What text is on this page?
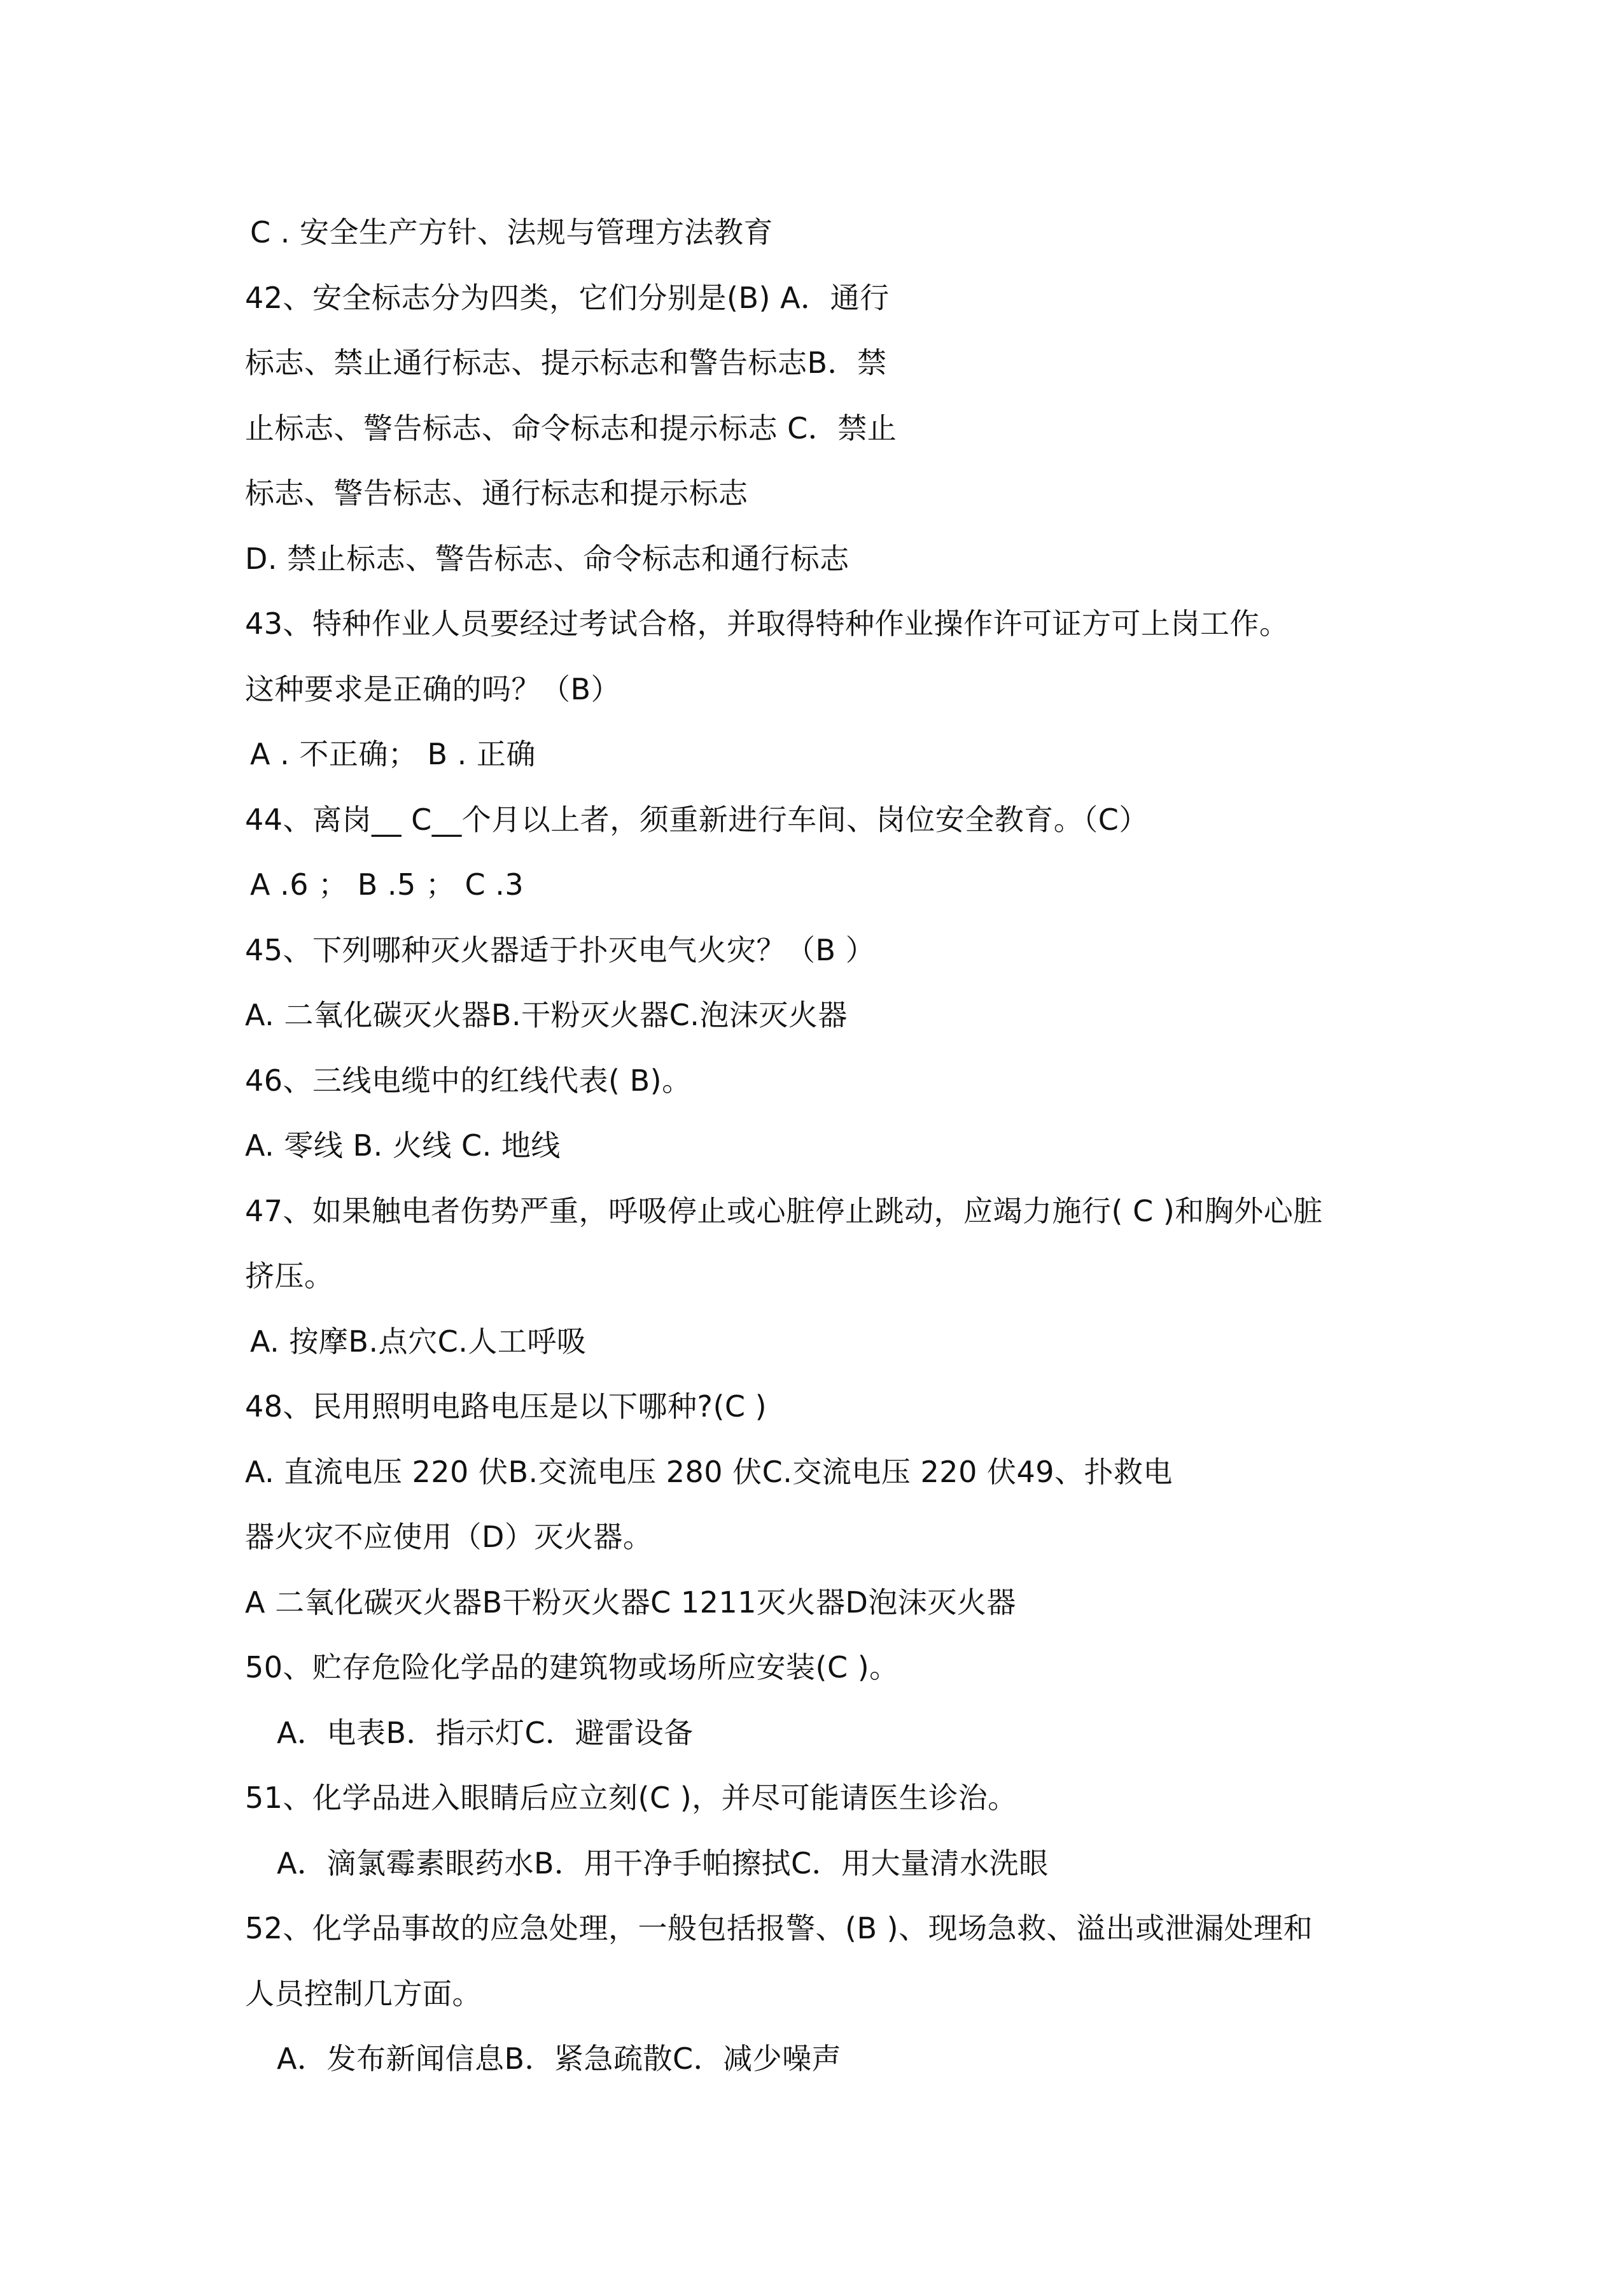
C . 安全生产方针、法规与管理方法教育
42、安全标志分为四类，它们分别是(B) A．通行
标志、禁止通行标志、提示标志和警告标志B．禁
止标志、警告标志、命令标志和提示标志 C．禁止
标志、警告标志、通行标志和提示标志
D. 禁止标志、警告标志、命令标志和通行标志
43、特种作业人员要经过考试合格，并取得特种作业操作许可证方可上岗工作。
这种要求是正确的吗？（B）
A . 不正确； B . 正确
44、离岗__ C__个月以上者，须重新进行车间、岗位安全教育。（C）
A .6 ； B .5 ； C .3
45、下列哪种灭火器适于扑灭电气火灾？（B ）
A. 二氧化碳灭火器B.干粉灭火器C.泡沫灭火器
46、三线电缆中的红线代表( B)。
A. 零线 B. 火线 C. 地线
47、如果触电者伤势严重，呼吸停止或心脏停止跳动，应竭力施行( C )和胸外心脏
挤压。
A. 按摩B.点穴C.人工呼吸
48、民用照明电路电压是以下哪种?(C )
A. 直流电压 220 伏B.交流电压 280 伏C.交流电压 220 伏49、扑救电
器火灾不应使用（D）灭火器。
A 二氧化碳灭火器B干粉灭火器C 1211灭火器D泡沫灭火器
50、贮存危险化学品的建筑物或场所应安装(C )。
A．电表B．指示灯C．避雷设备
51、化学品进入眼睛后应立刻(C )，并尽可能请医生诊治。
A．滴氯霉素眼药水B．用干净手帕擦拭C．用大量清水洗眼
52、化学品事故的应急处理，一般包括报警、(B )、现场急救、溢出或泄漏处理和
人员控制几方面。
A．发布新闻信息B．紧急疏散C．减少噪声
